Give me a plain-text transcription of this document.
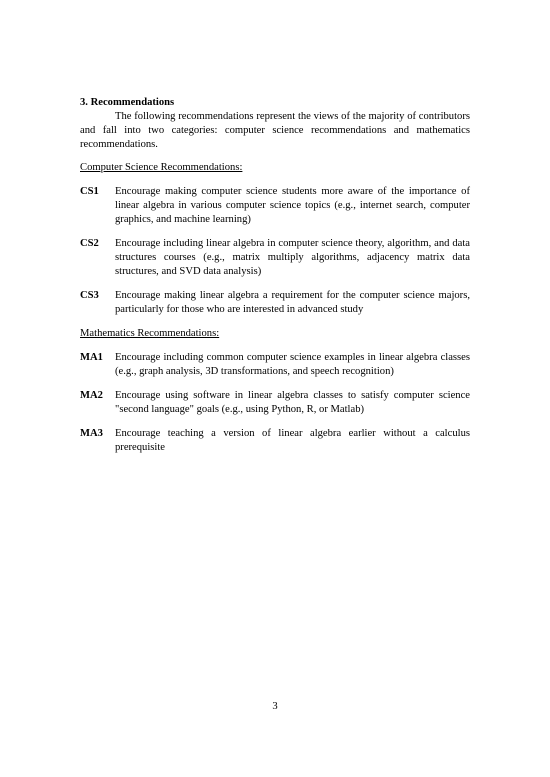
3. Recommendations

The following recommendations represent the views of the majority of contributors and fall into two categories: computer science recommendations and mathematics recommendations.

Computer Science Recommendations:

CS1	Encourage making computer science students more aware of the importance of linear algebra in various computer science topics (e.g., internet search, computer graphics, and machine learning)
CS2	Encourage including linear algebra in computer science theory, algorithm, and data structures courses (e.g., matrix multiply algorithms, adjacency matrix data structures, and SVD data analysis)
CS3	Encourage making linear algebra a requirement for the computer science majors, particularly for those who are interested in advanced study

Mathematics Recommendations:

MA1	Encourage including common computer science examples in linear algebra classes (e.g., graph analysis, 3D transformations, and speech recognition)
MA2	Encourage using software in linear algebra classes to satisfy computer science "second language" goals (e.g., using Python, R, or Matlab)
MA3	Encourage teaching a version of linear algebra earlier without a calculus prerequisite
3
